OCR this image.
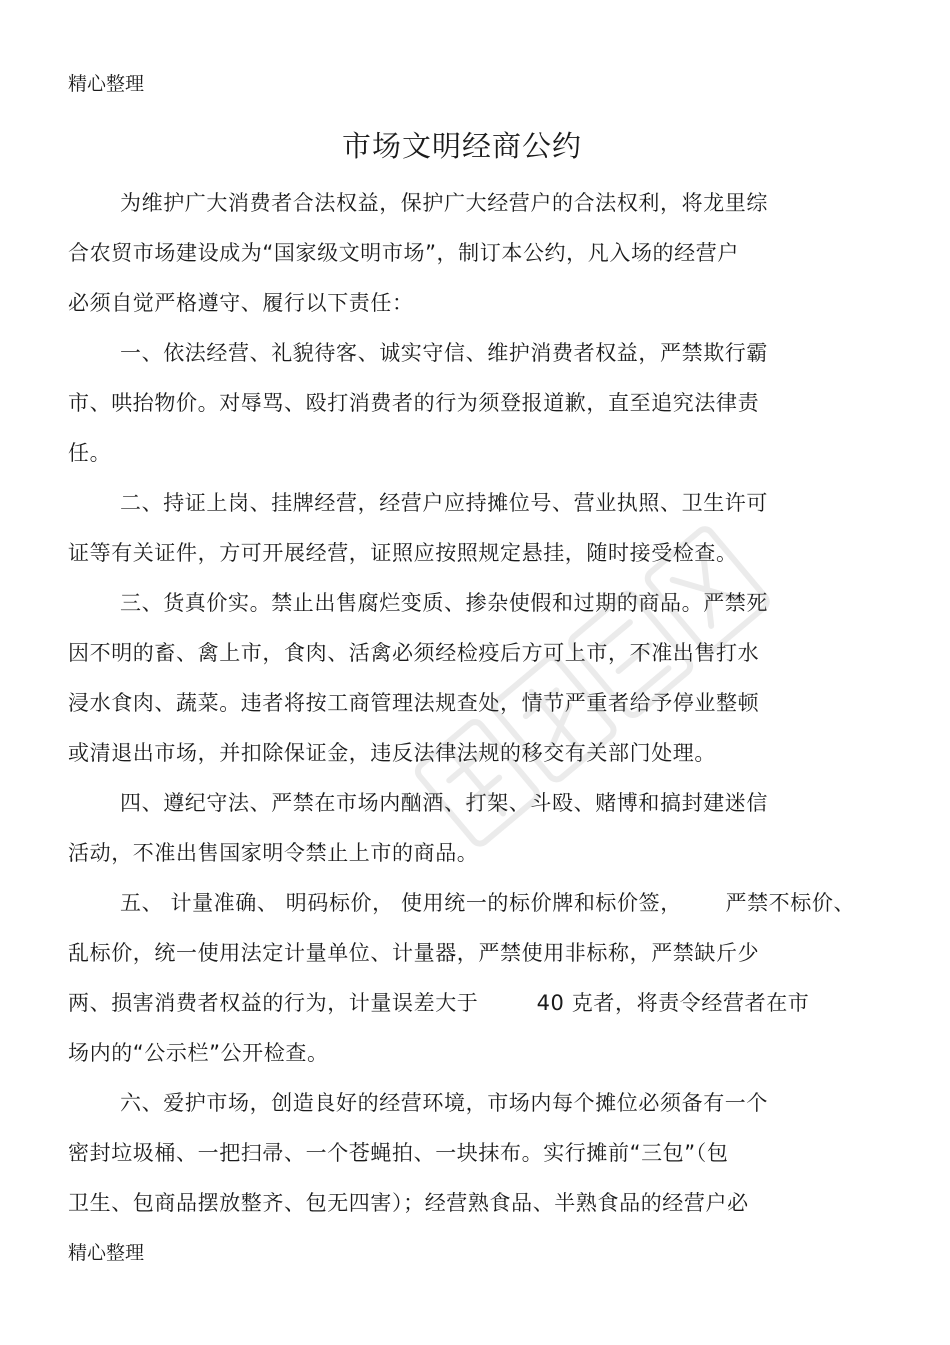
精心整理
市场文明经商公约
为维护广大消费者合法权益，保护广大经营户的合法权利，将龙里综
合农贸市场建设成为“国家级文明市场”，制订本公约，凡入场的经营户
必须自觉严格遵守、履行以下责任：
一、依法经营、礼貌待客、诚实守信、维护消费者权益，严禁欺行霸
市、哄抬物价。对辱骂、殴打消费者的行为须登报道歉，直至追究法律责
任。
二、持证上岗、挂牌经营，经营户应持摊位号、营业执照、卫生许可
证等有关证件，方可开展经营，证照应按照规定悬挂，随时接受检查。
三、货真价实。禁止出售腐烂变质、掺杂使假和过期的商品。严禁死
因不明的畜、禽上市，食肉、活禽必须经检疫后方可上市，不准出售打水
浸水食肉、蔬菜。违者将按工商管理法规查处，情节严重者给予停业整顿
或清退出市场，并扣除保证金，违反法律法规的移交有关部门处理。
四、遵纪守法、严禁在市场内酗酒、打架、斗殴、赌博和搞封建迷信
活动，不准出售国家明令禁止上市的商品。
五、 计量准确、 明码标价， 使用统一的标价牌和标价签，      严禁不标价、
乱标价，统一使用法定计量单位、计量器，严禁使用非标称，严禁缺斤少
两、损害消费者权益的行为，计量误差大于        40 克者，将责令经营者在市
场内的“公示栏”公开检查。
六、爱护市场，创造良好的经营环境，市场内每个摊位必须备有一个
密封垃圾桶、一把扫帚、一个苍蝇拍、一块抹布。实行摊前“三包”（包
卫生、包商品摆放整齐、包无四害）；经营熟食品、半熟食品的经营户必
精心整理
